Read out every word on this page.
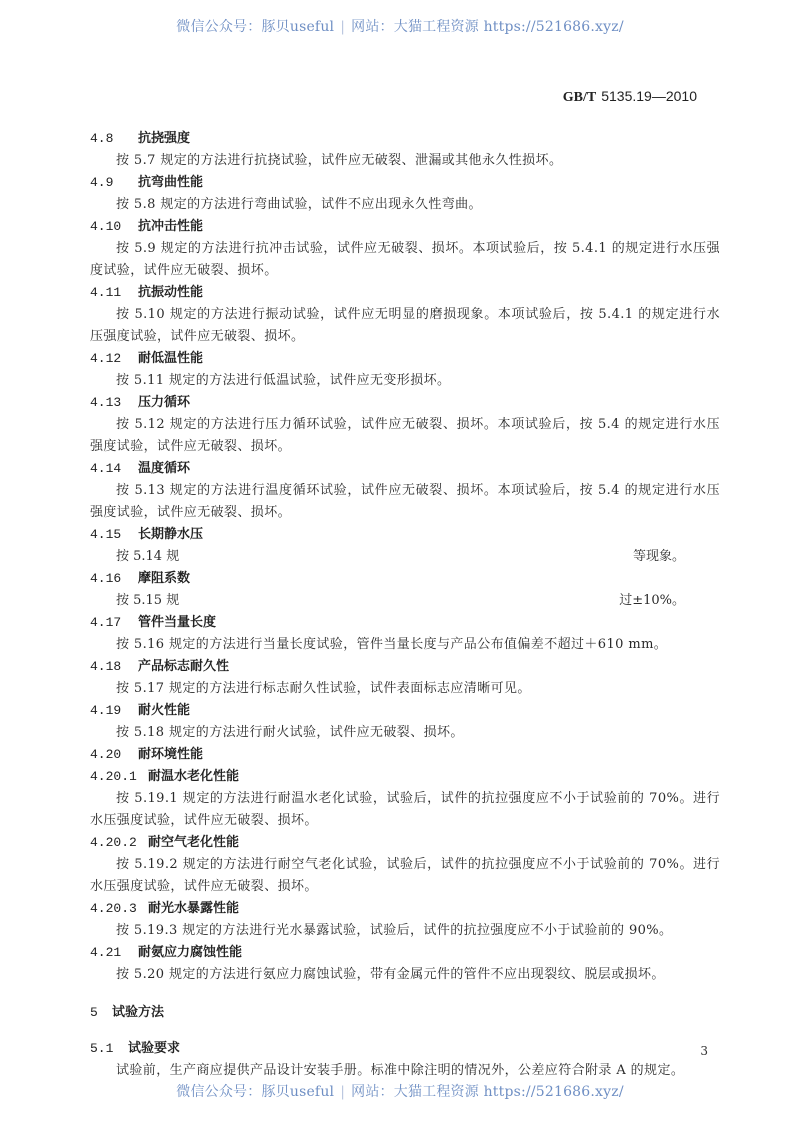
微信公众号：豚贝useful | 网站：大猫工程资源 https://521686.xyz/
GB/T 5135.19—2010
4.8 抗挠强度
按 5.7 规定的方法进行抗挠试验，试件应无破裂、泄漏或其他永久性损坏。
4.9 抗弯曲性能
按 5.8 规定的方法进行弯曲试验，试件不应出现永久性弯曲。
4.10 抗冲击性能
按 5.9 规定的方法进行抗冲击试验，试件应无破裂、损坏。本项试验后，按 5.4.1 的规定进行水压强度试验，试件应无破裂、损坏。
4.11 抗振动性能
按 5.10 规定的方法进行振动试验，试件应无明显的磨损现象。本项试验后，按 5.4.1 的规定进行水压强度试验，试件应无破裂、损坏。
4.12 耐低温性能
按 5.11 规定的方法进行低温试验，试件应无变形损坏。
4.13 压力循环
按 5.12 规定的方法进行压力循环试验，试件应无破裂、损坏。本项试验后，按 5.4 的规定进行水压强度试验，试件应无破裂、损坏。
4.14 温度循环
按 5.13 规定的方法进行温度循环试验，试件应无破裂、损坏。本项试验后，按 5.4 的规定进行水压强度试验，试件应无破裂、损坏。
4.15 长期静水压
按 5.14 规	等现象。
4.16 摩阻系数
按 5.15 规	过±10%。
4.17 管件当量长度
按 5.16 规定的方法进行当量长度试验，管件当量长度与产品公布值偏差不超过＋610 mm。
4.18 产品标志耐久性
按 5.17 规定的方法进行标志耐久性试验，试件表面标志应清晰可见。
4.19 耐火性能
按 5.18 规定的方法进行耐火试验，试件应无破裂、损坏。
4.20 耐环境性能
4.20.1 耐温水老化性能
按 5.19.1 规定的方法进行耐温水老化试验，试验后，试件的抗拉强度应不小于试验前的 70%。进行水压强度试验，试件应无破裂、损坏。
4.20.2 耐空气老化性能
按 5.19.2 规定的方法进行耐空气老化试验，试验后，试件的抗拉强度应不小于试验前的 70%。进行水压强度试验，试件应无破裂、损坏。
4.20.3 耐光水暴露性能
按 5.19.3 规定的方法进行光水暴露试验，试验后，试件的抗拉强度应不小于试验前的 90%。
4.21 耐氨应力腐蚀性能
按 5.20 规定的方法进行氨应力腐蚀试验，带有金属元件的管件不应出现裂纹、脱层或损坏。
5 试验方法
5.1 试验要求
试验前，生产商应提供产品设计安装手册。标准中除注明的情况外，公差应符合附录 A 的规定。
3
微信公众号：豚贝useful | 网站：大猫工程资源 https://521686.xyz/
